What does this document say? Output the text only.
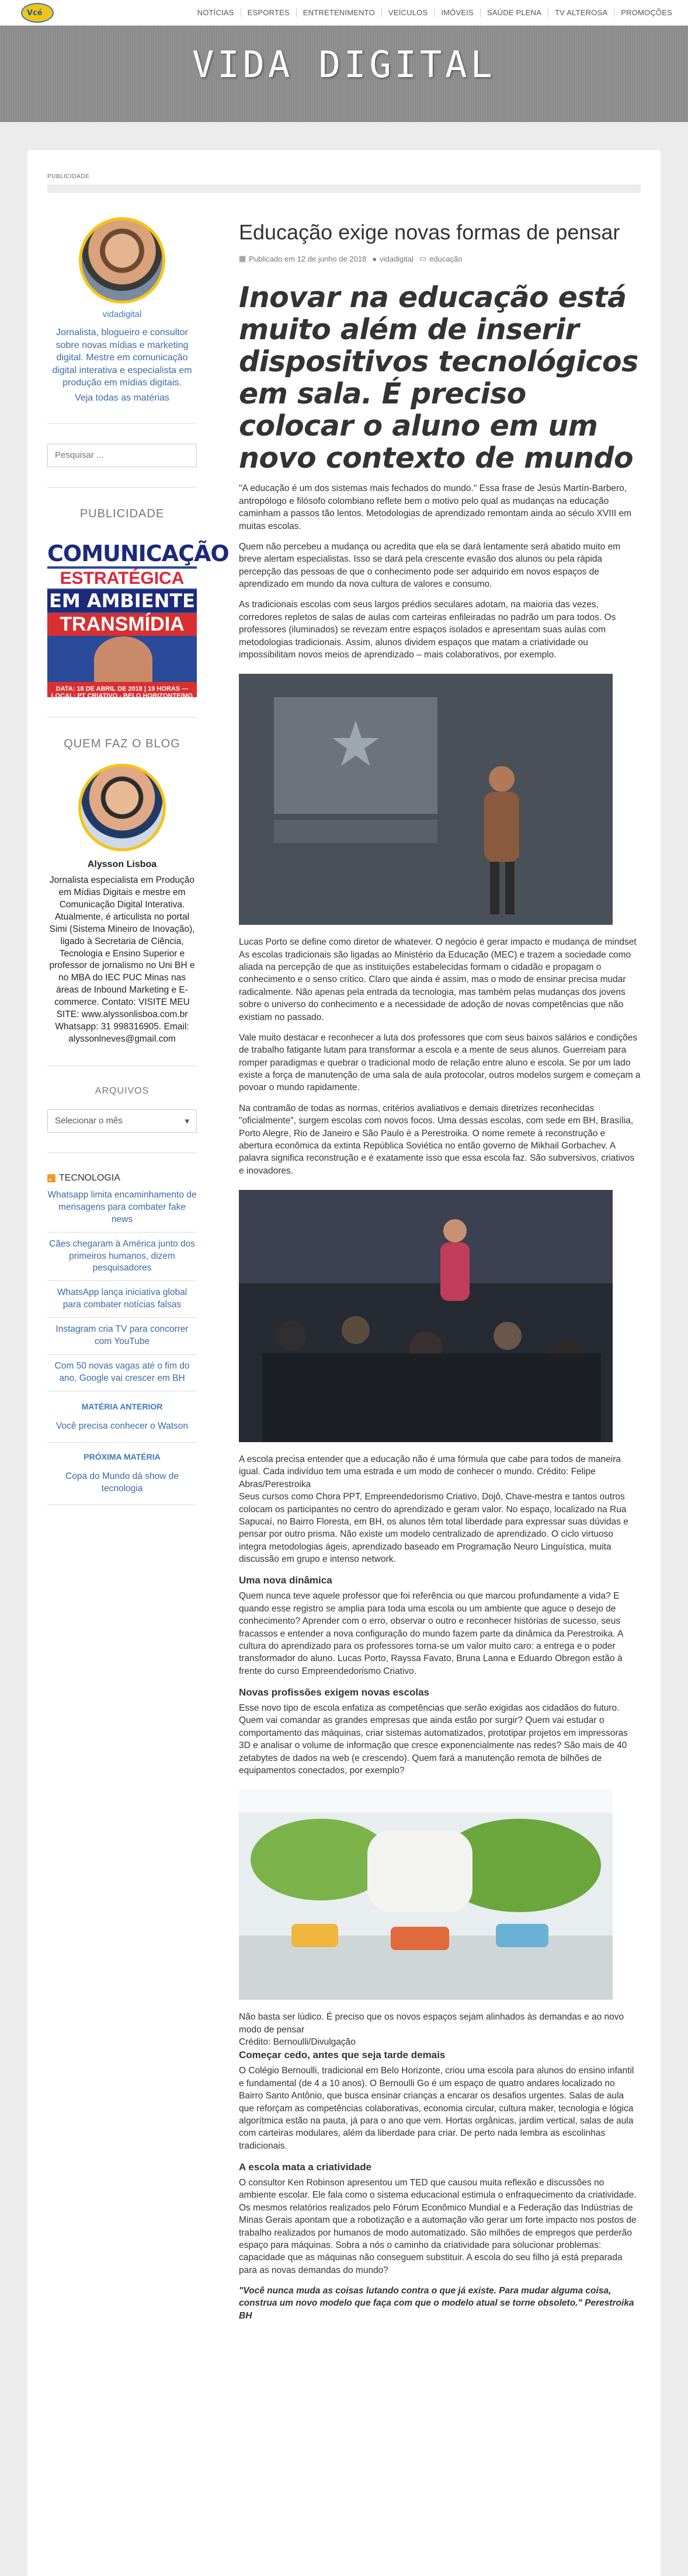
Vcé	NOTÍCIAS	ESPORTES	ENTRETENIMENTO	VEÍCULOS	IMÓVEIS	SAÚDE PLENA	TV ALTEROSA	PROMOÇÕES
VIDA DIGITAL
PUBLICIDADE
vidadigital

Jornalista, blogueiro e consultor sobre novas mídias e marketing digital. Mestre em comunicação digital interativa e especialista em produção em mídias digitais.

Veja todas as matérias
Pesquisar ...
PUBLICIDADE
COMUNICAÇÃO
ESTRATÉGICA
EM AMBIENTE
TRANSMÍDIA
DATA: 18 DE ABRIL DE 2018 | 19 HORAS — LOCAL: PT CRIATIVO - BELO HORIZONTE/MG
QUEM FAZ O BLOG
Alysson Lisboa

Jornalista especialista em Produção em Mídias Digitais e mestre em Comunicação Digital Interativa. Atualmente, é articulista no portal Simi (Sistema Mineiro de Inovação), ligado à Secretaria de Ciência, Tecnologia e Ensino Superior e professor de jornalismo no Uni BH e no MBA do IEC PUC Minas nas áreas de Inbound Marketing e E-commerce. Contato: VISITE MEU SITE: www.alyssonlisboa.com.br Whatsapp: 31 998316905. Email: alyssonlneves@gmail.com

ARQUIVOS
Selecionar o mês	▾
TECNOLOGIA
Whatsapp limita encaminhamento de mensagens para combater fake news
Cães chegaram à América junto dos primeiros humanos, dizem pesquisadores
WhatsApp lança iniciativa global para combater notícias falsas
Instagram cria TV para concorrer com YouTube
Com 50 novas vagas até o fim do ano, Google vai crescer em BH
MATÉRIA ANTERIOR
Você precisa conhecer o Watson
PRÓXIMA MATÉRIA
Copa do Mundo dá show de tecnologia
Educação exige novas formas de pensar
▦ Publicado em 12 de junho de 2018 ● vidadigital ▭ educação
Inovar na educação está muito além de inserir dispositivos tecnológicos em sala. É preciso colocar o aluno em um novo contexto de mundo

"A educação é um dos sistemas mais fechados do mundo." Essa frase de Jesús Martín-Barbero, antropólogo e filósofo colombiano reflete bem o motivo pelo qual as mudanças na educação caminham a passos tão lentos. Metodologias de aprendizado remontam ainda ao século XVIII em muitas escolas.

Quem não percebeu a mudança ou acredita que ela se dará lentamente será abatido muito em breve alertam especialistas. Isso se dará pela crescente evasão dos alunos ou pela rápida percepção das pessoas de que o conhecimento pode ser adquirido em novos espaços de aprendizado em mundo da nova cultura de valores e consumo.

As tradicionais escolas com seus largos prédios seculares adotam, na maioria das vezes, corredores repletos de salas de aulas com carteiras enfileiradas no padrão um para todos. Os professores (iluminados) se revezam entre espaços isolados e apresentam suas aulas com metodologias tradicionais. Assim, alunos dividem espaços que matam a criatividade ou impossibilitam novos meios de aprendizado – mais colaborativos, por exemplo.

Lucas Porto se define como diretor de whatever. O negócio é gerar impacto e mudança de mindset

As escolas tradicionais são ligadas ao Ministério da Educação (MEC) e trazem a sociedade como aliada na percepção de que as instituições estabelecidas formam o cidadão e propagam o conhecimento e o senso crítico. Claro que ainda é assim, mas o modo de ensinar precisa mudar radicalmente. Não apenas pela entrada da tecnologia, mas também pelas mudanças dos jovens sobre o universo do conhecimento e a necessidade de adoção de novas competências que não existiam no passado.

Vale muito destacar e reconhecer a luta dos professores que com seus baixos salários e condições de trabalho fatigante lutam para transformar a escola e a mente de seus alunos. Guerreiam para romper paradigmas e quebrar o tradicional modo de relação entre aluno e escola. Se por um lado existe a força de manutenção de uma sala de aula protocolar, outros modelos surgem e começam a povoar o mundo rapidamente.

Na contramão de todas as normas, critérios avaliativos e demais diretrizes reconhecidas "oficialmente", surgem escolas com novos focos. Uma dessas escolas, com sede em BH, Brasília, Porto Alegre, Rio de Janeiro e São Paulo é a Perestroika. O nome remete à reconstrução e abertura econômica da extinta República Soviética no então governo de Mikhail Gorbachev. A palavra significa reconstrução e é exatamente isso que essa escola faz. São subversivos, criativos e inovadores.

A escola precisa entender que a educação não é uma fórmula que cabe para todos de maneira igual. Cada indivíduo tem uma estrada e um modo de conhecer o mundo. Crédito: Felipe Abras/Perestroika

Seus cursos como Chora PPT, Empreendedorismo Criativo, Dojô, Chave-mestra e tantos outros colocam os participantes no centro do aprendizado e geram valor. No espaço, localizado na Rua Sapucaí, no Bairro Floresta, em BH, os alunos têm total liberdade para expressar suas dúvidas e pensar por outro prisma. Não existe um modelo centralizado de aprendizado. O ciclo virtuoso integra metodologias ágeis, aprendizado baseado em Programação Neuro Linguística, muita discussão em grupo e intenso network.

Uma nova dinâmica

Quem nunca teve aquele professor que foi referência ou que marcou profundamente a vida? E quando esse registro se amplia para toda uma escola ou um ambiente que aguce o desejo de conhecimento? Aprender com o erro, observar o outro e reconhecer histórias de sucesso, seus fracassos e entender a nova configuração do mundo fazem parte da dinâmica da Perestroika. A cultura do aprendizado para os professores torna-se um valor muito caro: a entrega e o poder transformador do aluno. Lucas Porto, Rayssa Favato, Bruna Lanna e Eduardo Obregon estão à frente do curso Empreendedorismo Criativo.

Novas profissões exigem novas escolas

Esse novo tipo de escola enfatiza as competências que serão exigidas aos cidadãos do futuro. Quem vai comandar as grandes empresas que ainda estão por surgir? Quem vai estudar o comportamento das máquinas, criar sistemas automatizados, prototipar projetos em impressoras 3D e analisar o volume de informação que cresce exponencialmente nas redes? São mais de 40 zetabytes de dados na web (e crescendo). Quem fará a manutenção remota de bilhões de equipamentos conectados, por exemplo?

Não basta ser lúdico. É preciso que os novos espaços sejam alinhados às demandas e ao novo modo de pensar

Crédito: Bernoulli/Divulgação

Começar cedo, antes que seja tarde demais

O Colégio Bernoulli, tradicional em Belo Horizonte, criou uma escola para alunos do ensino infantil e fundamental (de 4 a 10 anos). O Bernoulli Go é um espaço de quatro andares localizado no Bairro Santo Antônio, que busca ensinar crianças a encarar os desafios urgentes. Salas de aula que reforçam as competências colaborativas, economia circular, cultura maker, tecnologia e lógica algorítmica estão na pauta, já para o ano que vem. Hortas orgânicas, jardim vertical, salas de aula com carteiras modulares, além da liberdade para criar. De perto nada lembra as escolinhas tradicionais.

A escola mata a criatividade

O consultor Ken Robinson apresentou um TED que causou muita reflexão e discussões no ambiente escolar. Ele fala como o sistema educacional estimula o enfraquecimento da criatividade. Os mesmos relatórios realizados pelo Fórum Econômico Mundial e a Federação das Indústrias de Minas Gerais apontam que a robotização e a automação vão gerar um forte impacto nos postos de trabalho realizados por humanos de modo automatizado. São milhões de empregos que perderão espaço para máquinas. Sobra a nós o caminho da criatividade para solucionar problemas: capacidade que as máquinas não conseguem substituir. A escola do seu filho já está preparada para as novas demandas do mundo?

"Você nunca muda as coisas lutando contra o que já existe. Para mudar alguma coisa, construa um novo modelo que faça com que o modelo atual se torne obsoleto." Perestroika BH
